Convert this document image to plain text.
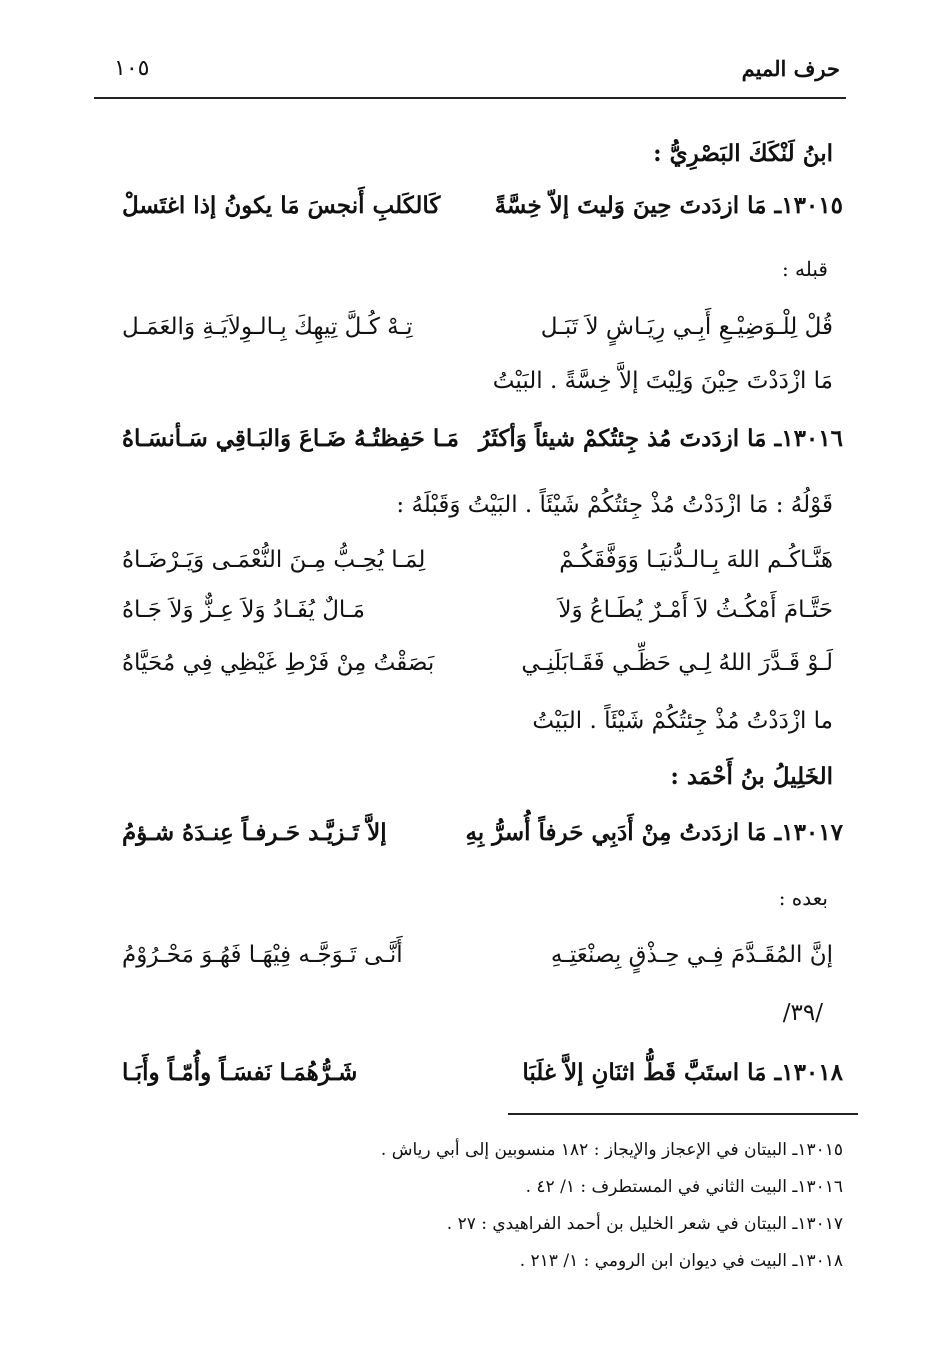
حرف الميم
١٠٥
ابنُ لَنْكَكَ البَصْرِيُّ :
١٣٠١٥ـ مَا ازدَدتَ حِينَ وَليتَ إلاّ خِسَّةً
كَالكَلبِ أَنجسَ مَا يكونُ إذا اغتَسلْ
قبله :
قُلْ لِلْـوَضِيْـعِ أَبِـي رِيَـاشٍ لاَ تَبَـل
تِـهْ كُـلَّ تِيهِكَ بِـالـوِلاَيَـةِ وَالعَمَـل
مَا ازْدَدْتَ حِيْنَ وَلِيْتَ إلاَّ خِسَّةً . البَيْتُ
١٣٠١٦ـ مَا ازدَدتَ مُذ جِئتُكمْ شيئاً وَأكثَرُ
مَـا حَفِظتُـهُ ضَـاعَ وَالبَـاقِي سَـأنسَـاهُ
قَوْلُهُ : مَا ازْدَدْتُ مُذْ جِئتُكُمْ شَيْئَاً . البَيْتُ وَقَبْلَهُ :
هَنَّـاكُـم اللهَ بِـالـدُّنيَـا وَوَفَّقَكُـمْ
لِمَـا يُحِـبُّ مِـنَ النُّعْمَـى وَيَـرْضَـاهُ
حَتَّـامَ أَمْكُـثُ لاَ أَمْـرٌ يُطَـاعُ وَلاَ
مَـالٌ يُفَـادُ وَلاَ عِـزٌّ وَلاَ جَـاهُ
لَـوْ قَـدَّرَ اللهُ لِـي حَظِّـي فَقَـابَلَنِـي
بَصَقْتُ مِنْ فَرْطِ غَيْظِي فِي مُحَيَّاهُ
ما ازْدَدْتُ مُذْ جِئتُكُمْ شَيْئَاً . البَيْتُ
الخَلِيلُ بنُ أَحْمَد :
١٣٠١٧ـ مَا ازدَدتُ مِنْ أَدَبِي حَرفاً أُسرُّ بِهِ
إلاَّ تَـزيَّـد حَـرفـاً عِنـدَهُ شـؤمُ
بعده :
إنَّ المُقَـدَّمَ فِـي حِـذْقٍ بِصنْعَتِـهِ
أَنَّـى تَـوَجَّـه فِيْهَـا فَهُـوَ مَحْـرُوْمُ
/٣٩/
١٣٠١٨ـ مَا استَبَّ قَطُّ اثنَانِ إلاَّ غلَبَا
شَـرُّهُمَـا نَفسَـاً وأُمّـاً وأَبَـا
١٣٠١٥ـ البيتان في الإعجاز والإيجاز : ١٨٢ منسوبين إلى أبي رياش .
١٣٠١٦ـ البيت الثاني في المستطرف : ١/ ٤٢ .
١٣٠١٧ـ البيتان في شعر الخليل بن أحمد الفراهيدي : ٢٧ .
١٣٠١٨ـ البيت في ديوان ابن الرومي : ١/ ٢١٣ .
